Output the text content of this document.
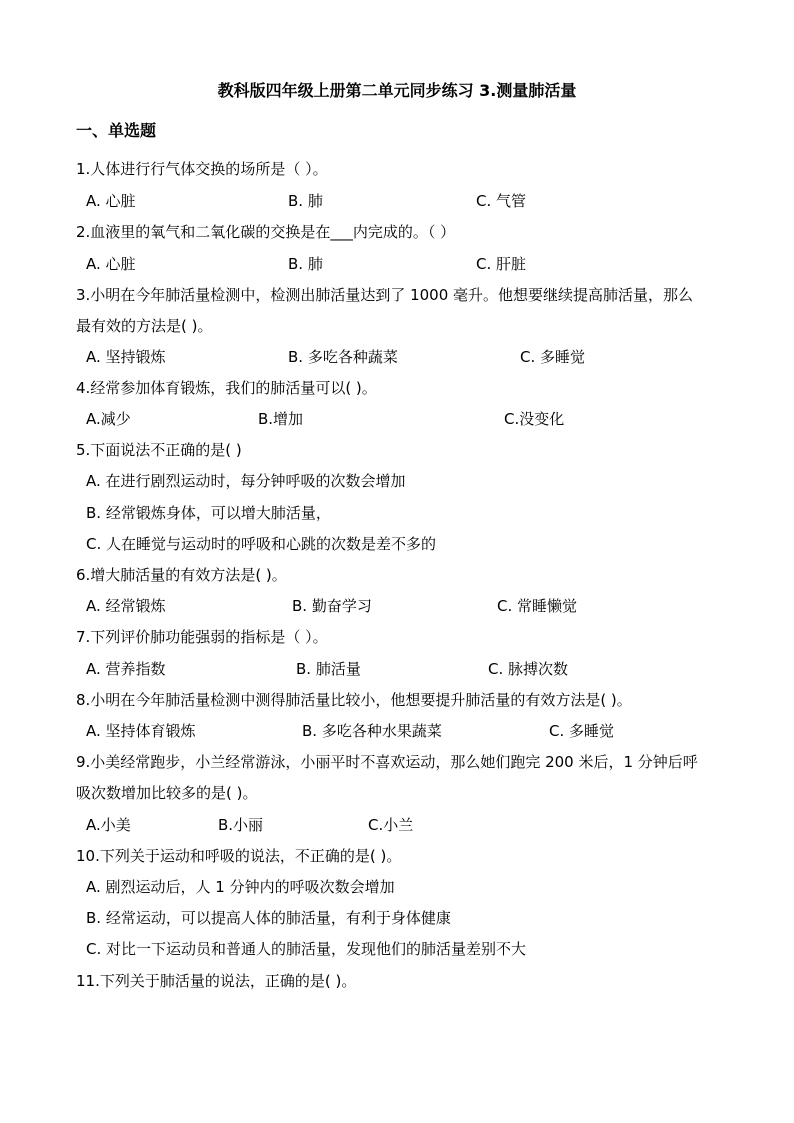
教科版四年级上册第二单元同步练习 3.测量肺活量
一、单选题
1.人体进行行气体交换的场所是（ ）。
A. 心脏	B. 肺	C. 气管
2.血液里的氧气和二氧化碳的交换是在___内完成的。（ ）
A. 心脏	B. 肺	C. 肝脏
3.小明在今年肺活量检测中，检测出肺活量达到了 1000 毫升。他想要继续提高肺活量，那么
最有效的方法是( )。
A. 坚持锻炼	B. 多吃各种蔬菜	C. 多睡觉
4.经常参加体育锻炼，我们的肺活量可以( )。
A.减少	B.增加	C.没变化
5.下面说法不正确的是( )
A. 在进行剧烈运动时，每分钟呼吸的次数会增加
B. 经常锻炼身体，可以增大肺活量，
C. 人在睡觉与运动时的呼吸和心跳的次数是差不多的
6.增大肺活量的有效方法是( )。
A. 经常锻炼	B. 勤奋学习	C. 常睡懒觉
7.下列评价肺功能强弱的指标是（ ）。
A. 营养指数	B. 肺活量	C. 脉搏次数
8.小明在今年肺活量检测中测得肺活量比较小，他想要提升肺活量的有效方法是( )。
A. 坚持体育锻炼	B. 多吃各种水果蔬菜	C. 多睡觉
9.小美经常跑步，小兰经常游泳，小丽平时不喜欢运动，那么她们跑完 200 米后，1 分钟后呼
吸次数增加比较多的是( )。
A.小美	B.小丽	C.小兰
10.下列关于运动和呼吸的说法，不正确的是( )。
A. 剧烈运动后，人 1 分钟内的呼吸次数会增加
B. 经常运动，可以提高人体的肺活量，有利于身体健康
C. 对比一下运动员和普通人的肺活量，发现他们的肺活量差别不大
11.下列关于肺活量的说法，正确的是( )。
